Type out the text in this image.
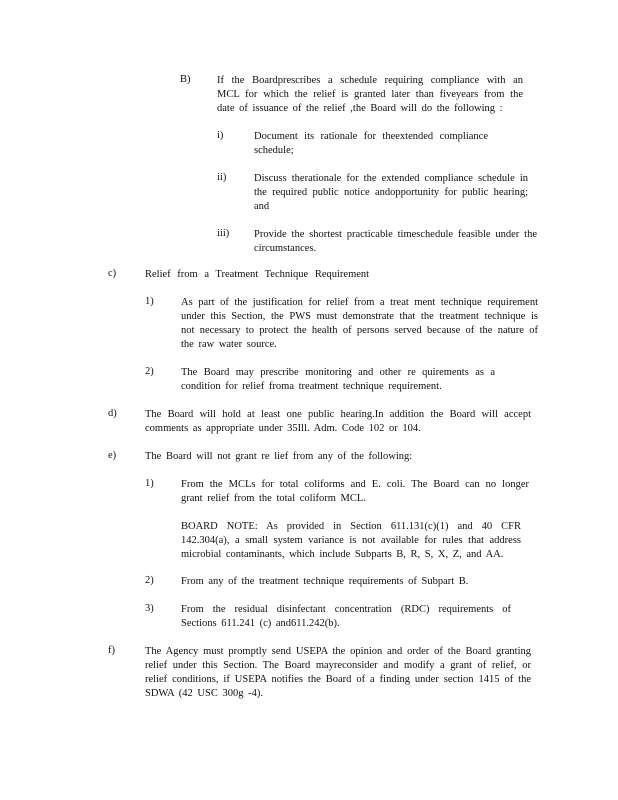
B)	If the Boardprescribes a schedule requiring compliance with an MCL for which the relief is granted later than fiveyears from the date of issuance of the relief ,the Board will do the following :
i)	Document its rationale for theextended compliance schedule;
ii)	Discuss therationale for the extended compliance schedule in the required public notice andopportunity for public hearing; and
iii) Provide the shortest practicable timeschedule feasible under the circumstances.
c)	Relief from a Treatment Technique Requirement
1)	As part of the justification for relief from a treat ment technique requirement under this Section, the PWS must demonstrate that the treatment technique is not necessary to protect the health of persons served because of the nature of the raw water source.
2)	The Board may prescribe monitoring and other re quirements as a condition for relief froma treatment technique requirement.
d)	The Board will hold at least one public hearing.In addition the Board will accept comments as appropriate under 35Ill. Adm. Code 102 or 104.
e)	The Board will not grant re lief from any of the following:
1)	From the MCLs for total coliforms and E. coli. The Board can no longer grant relief from the total coliform MCL.
BOARD NOTE: As provided in Section 611.131(c)(1) and 40 CFR 142.304(a), a small system variance is not available for rules that address microbial contaminants, which include Subparts B, R, S, X, Z, and AA.
2)	From any of the treatment technique requirements of Subpart B.
3)	From the residual disinfectant concentration (RDC) requirements of Sections 611.241 (c) and611.242(b).
f)	The Agency must promptly send USEPA the opinion and order of the Board granting relief under this Section. The Board mayreconsider and modify a grant of relief, or relief conditions, if USEPA notifies the Board of a finding under section 1415 of the SDWA (42 USC 300g -4).
